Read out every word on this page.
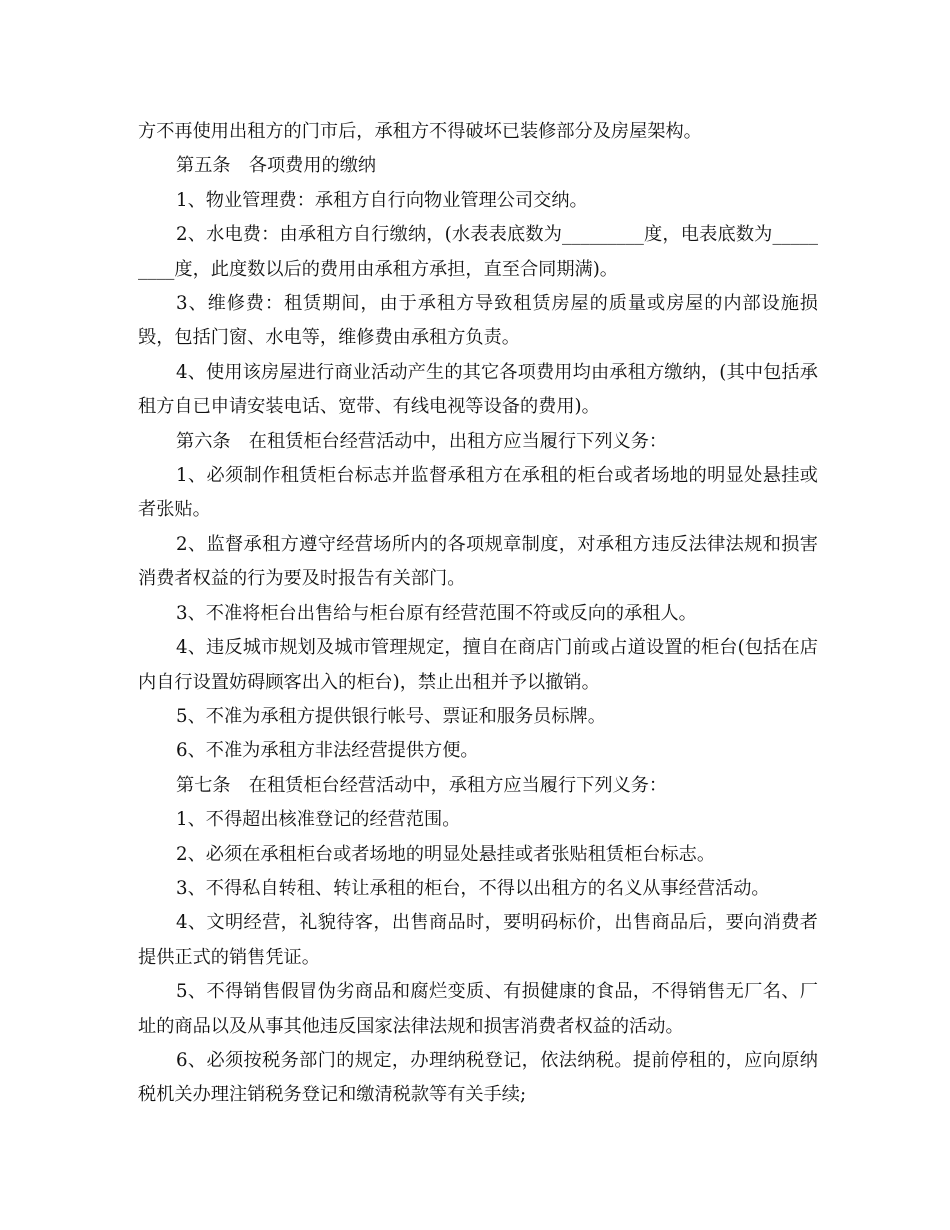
方不再使用出租方的门市后，承租方不得破坏已装修部分及房屋架构。

第五条　各项费用的缴纳

1、物业管理费：承租方自行向物业管理公司交纳。

2、水电费：由承租方自行缴纳，(水表表底数为_________度，电表底数为_________度，此度数以后的费用由承租方承担，直至合同期满)。

3、维修费：租赁期间，由于承租方导致租赁房屋的质量或房屋的内部设施损毁，包括门窗、水电等，维修费由承租方负责。

4、使用该房屋进行商业活动产生的其它各项费用均由承租方缴纳，(其中包括承租方自已申请安装电话、宽带、有线电视等设备的费用)。

第六条　在租赁柜台经营活动中，出租方应当履行下列义务：

1、必须制作租赁柜台标志并监督承租方在承租的柜台或者场地的明显处悬挂或者张贴。

2、监督承租方遵守经营场所内的各项规章制度，对承租方违反法律法规和损害消费者权益的行为要及时报告有关部门。

3、不准将柜台出售给与柜台原有经营范围不符或反向的承租人。

4、违反城市规划及城市管理规定，擅自在商店门前或占道设置的柜台(包括在店内自行设置妨碍顾客出入的柜台)，禁止出租并予以撤销。

5、不准为承租方提供银行帐号、票证和服务员标牌。

6、不准为承租方非法经营提供方便。

第七条　在租赁柜台经营活动中，承租方应当履行下列义务：

1、不得超出核准登记的经营范围。

2、必须在承租柜台或者场地的明显处悬挂或者张贴租赁柜台标志。

3、不得私自转租、转让承租的柜台，不得以出租方的名义从事经营活动。

4、文明经营，礼貌待客，出售商品时，要明码标价，出售商品后，要向消费者提供正式的销售凭证。

5、不得销售假冒伪劣商品和腐烂变质、有损健康的食品，不得销售无厂名、厂址的商品以及从事其他违反国家法律法规和损害消费者权益的活动。

6、必须按税务部门的规定，办理纳税登记，依法纳税。提前停租的，应向原纳税机关办理注销税务登记和缴清税款等有关手续;
